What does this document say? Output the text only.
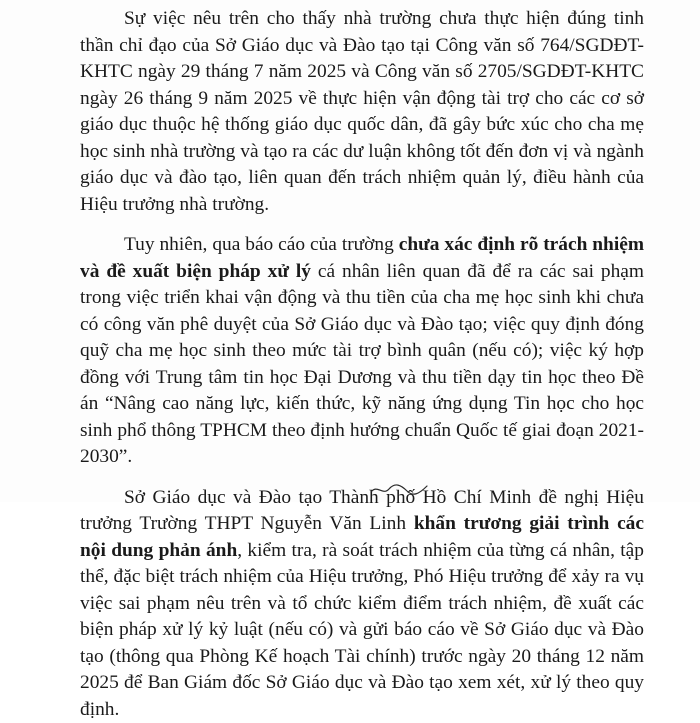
Sự việc nêu trên cho thấy nhà trường chưa thực hiện đúng tinh thần chỉ đạo của Sở Giáo dục và Đào tạo tại Công văn số 764/SGDĐT-KHTC ngày 29 tháng 7 năm 2025 và Công văn số 2705/SGDĐT-KHTC ngày 26 tháng 9 năm 2025 về thực hiện vận động tài trợ cho các cơ sở giáo dục thuộc hệ thống giáo dục quốc dân, đã gây bức xúc cho cha mẹ học sinh nhà trường và tạo ra các dư luận không tốt đến đơn vị và ngành giáo dục và đào tạo, liên quan đến trách nhiệm quản lý, điều hành của Hiệu trưởng nhà trường.

Tuy nhiên, qua báo cáo của trường chưa xác định rõ trách nhiệm và đề xuất biện pháp xử lý cá nhân liên quan đã để ra các sai phạm trong việc triển khai vận động và thu tiền của cha mẹ học sinh khi chưa có công văn phê duyệt của Sở Giáo dục và Đào tạo; việc quy định đóng quỹ cha mẹ học sinh theo mức tài trợ bình quân (nếu có); việc ký hợp đồng với Trung tâm tin học Đại Dương và thu tiền dạy tin học theo Đề án “Nâng cao năng lực, kiến thức, kỹ năng ứng dụng Tin học cho học sinh phổ thông TPHCM theo định hướng chuẩn Quốc tế giai đoạn 2021-2030”.

Sở Giáo dục và Đào tạo Thành phố Hồ Chí Minh đề nghị Hiệu trưởng Trường THPT Nguyễn Văn Linh khẩn trương giải trình các nội dung phản ánh, kiểm tra, rà soát trách nhiệm của từng cá nhân, tập thể, đặc biệt trách nhiệm của Hiệu trưởng, Phó Hiệu trưởng để xảy ra vụ việc sai phạm nêu trên và tổ chức kiểm điểm trách nhiệm, đề xuất các biện pháp xử lý kỷ luật (nếu có) và gửi báo cáo về Sở Giáo dục và Đào tạo (thông qua Phòng Kế hoạch Tài chính) trước ngày 20 tháng 12 năm 2025 để Ban Giám đốc Sở Giáo dục và Đào tạo xem xét, xử lý theo quy định.
